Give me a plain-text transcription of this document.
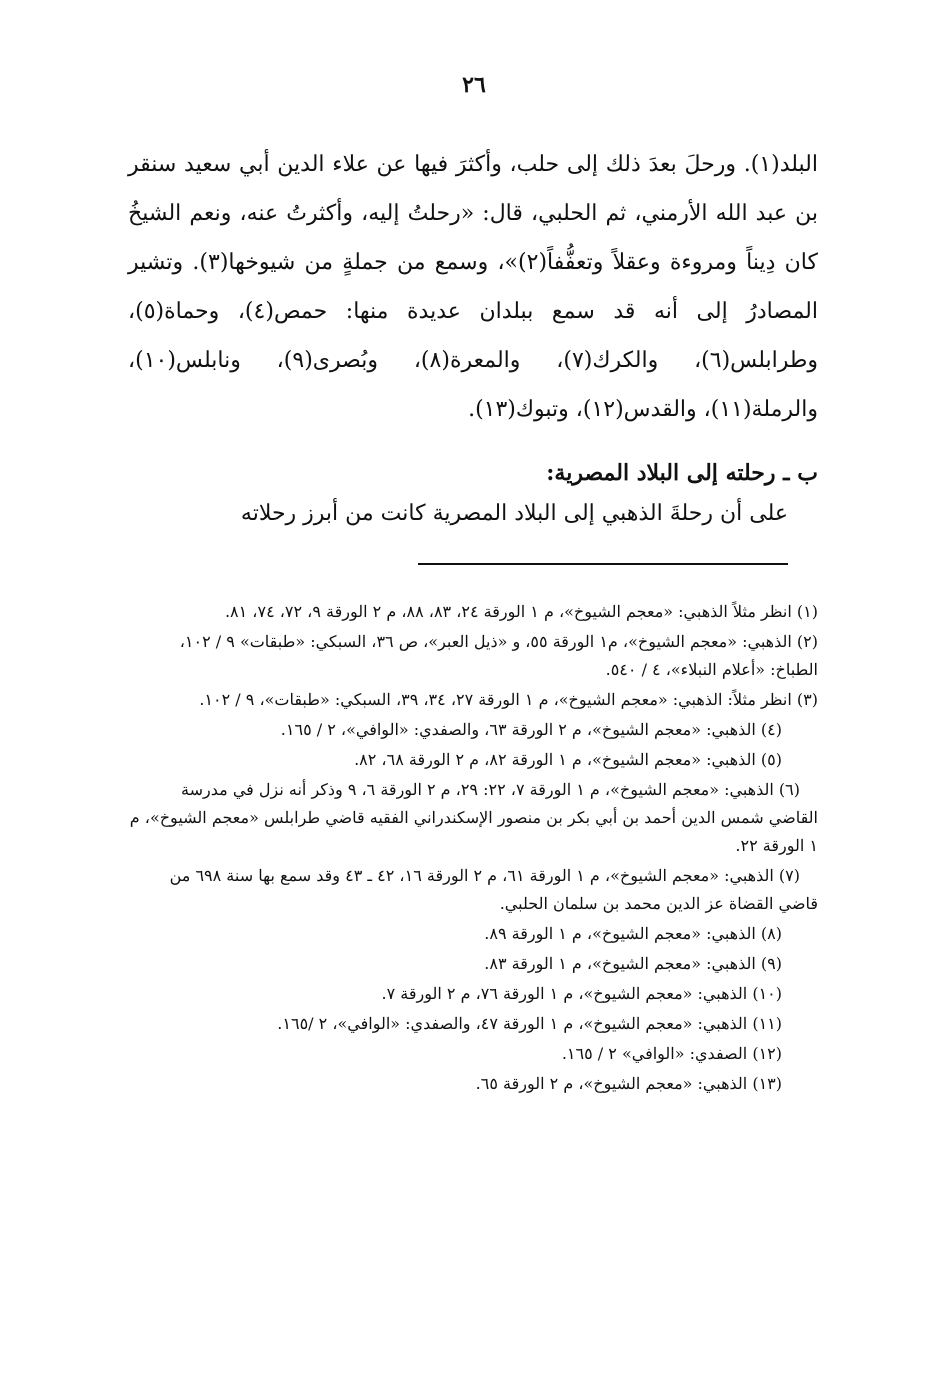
٢٦

البلد(١). ورحلَ بعدَ ذلك إلى حلب، وأكثرَ فيها عن علاء الدين أبي سعيد سنقر بن عبد الله الأرمني، ثم الحلبي، قال: «رحلتُ إليه، وأكثرتُ عنه، ونعم الشيخُ كان دِيناً ومروءة وعقلاً وتعفُّفاً(٢)»، وسمع من جملةٍ من شيوخها(٣). وتشير المصادرُ إلى أنه قد سمع ببلدان عديدة منها: حمص(٤)، وحماة(٥)، وطرابلس(٦)، والكرك(٧)، والمعرة(٨)، وبُصرى(٩)، ونابلس(١٠)، والرملة(١١)، والقدس(١٢)، وتبوك(١٣).

ب ـ رحلته إلى البلاد المصرية:
على أن رحلةَ الذهبي إلى البلاد المصرية كانت من أبرز رحلاته

(١) انظر مثلاً الذهبي: «معجم الشيوخ»، م ١ الورقة ٢٤، ٨٣، ٨٨، م ٢ الورقة ٩، ٧٢، ٧٤، ٨١.

(٢) الذهبي: «معجم الشيوخ»، م١ الورقة ٥٥، و «ذيل العبر»، ص ٣٦، السبكي: «طبقات» ٩ / ١٠٢، الطباخ: «أعلام النبلاء»، ٤ / ٥٤٠.

(٣) انظر مثلاً: الذهبي: «معجم الشيوخ»، م ١ الورقة ٢٧، ٣٤، ٣٩، السبكي: «طبقات»، ٩ / ١٠٢.

(٤) الذهبي: «معجم الشيوخ»، م ٢ الورقة ٦٣، والصفدي: «الوافي»، ٢ / ١٦٥.

(٥) الذهبي: «معجم الشيوخ»، م ١ الورقة ٨٢، م ٢ الورقة ٦٨، ٨٢.

(٦) الذهبي: «معجم الشيوخ»، م ١ الورقة ٧، ٢٢: ٢٩، م ٢ الورقة ٦، ٩ وذكر أنه نزل في مدرسة القاضي شمس الدين أحمد بن أبي بكر بن منصور الإسكندراني الفقيه قاضي طرابلس «معجم الشيوخ»، م ١ الورقة ٢٢.

(٧) الذهبي: «معجم الشيوخ»، م ١ الورقة ٦١، م ٢ الورقة ١٦، ٤٢ ـ ٤٣ وقد سمع بها سنة ٦٩٨ من قاضي القضاة عز الدين محمد بن سلمان الحلبي.

(٨) الذهبي: «معجم الشيوخ»، م ١ الورقة ٨٩.

(٩) الذهبي: «معجم الشيوخ»، م ١ الورقة ٨٣.

(١٠) الذهبي: «معجم الشيوخ»، م ١ الورقة ٧٦، م ٢ الورقة ٧.

(١١) الذهبي: «معجم الشيوخ»، م ١ الورقة ٤٧، والصفدي: «الوافي»، ٢ /١٦٥.

(١٢) الصفدي: «الوافي» ٢ / ١٦٥.

(١٣) الذهبي: «معجم الشيوخ»، م ٢ الورقة ٦٥.
